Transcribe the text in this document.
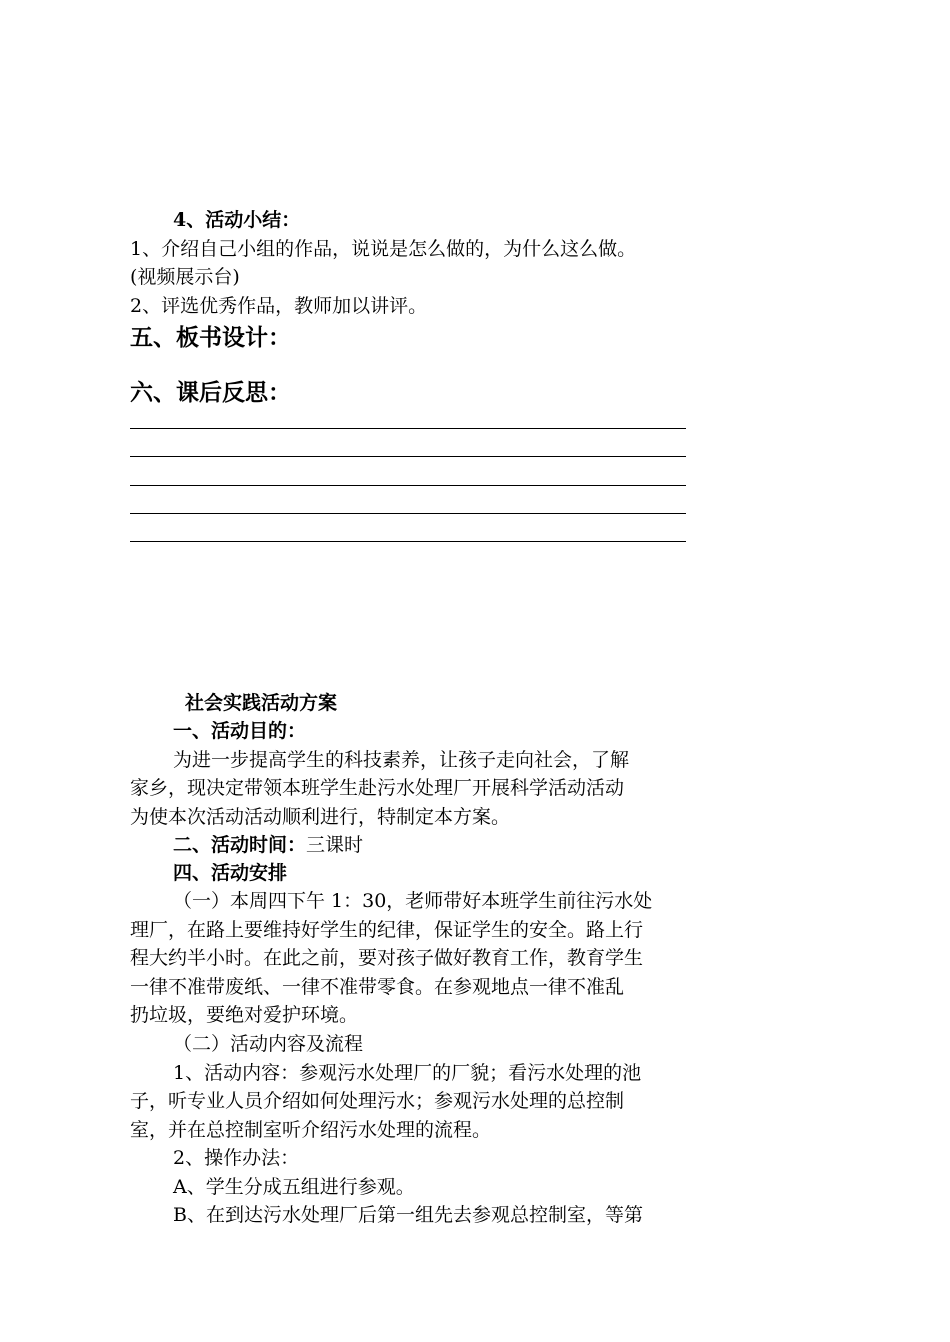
4、活动小结：
1、介绍自己小组的作品，说说是怎么做的，为什么这么做。
(视频展示台)
2、评选优秀作品，教师加以讲评。
五、板书设计：
六、课后反思：
社会实践活动方案
一、活动目的：
为进一步提高学生的科技素养，让孩子走向社会，了解
家乡，现决定带领本班学生赴污水处理厂开展科学活动活动
为使本次活动活动顺利进行，特制定本方案。
二、活动时间：三课时
四、活动安排
（一）本周四下午 1：30，老师带好本班学生前往污水处
理厂，在路上要维持好学生的纪律，保证学生的安全。路上行
程大约半小时。在此之前，要对孩子做好教育工作，教育学生
一律不准带废纸、一律不准带零食。在参观地点一律不准乱
扔垃圾，要绝对爱护环境。
（二）活动内容及流程
1、活动内容：参观污水处理厂的厂貌；看污水处理的池
子，听专业人员介绍如何处理污水；参观污水处理的总控制
室，并在总控制室听介绍污水处理的流程。
2、操作办法：
A、学生分成五组进行参观。
B、在到达污水处理厂后第一组先去参观总控制室，等第
